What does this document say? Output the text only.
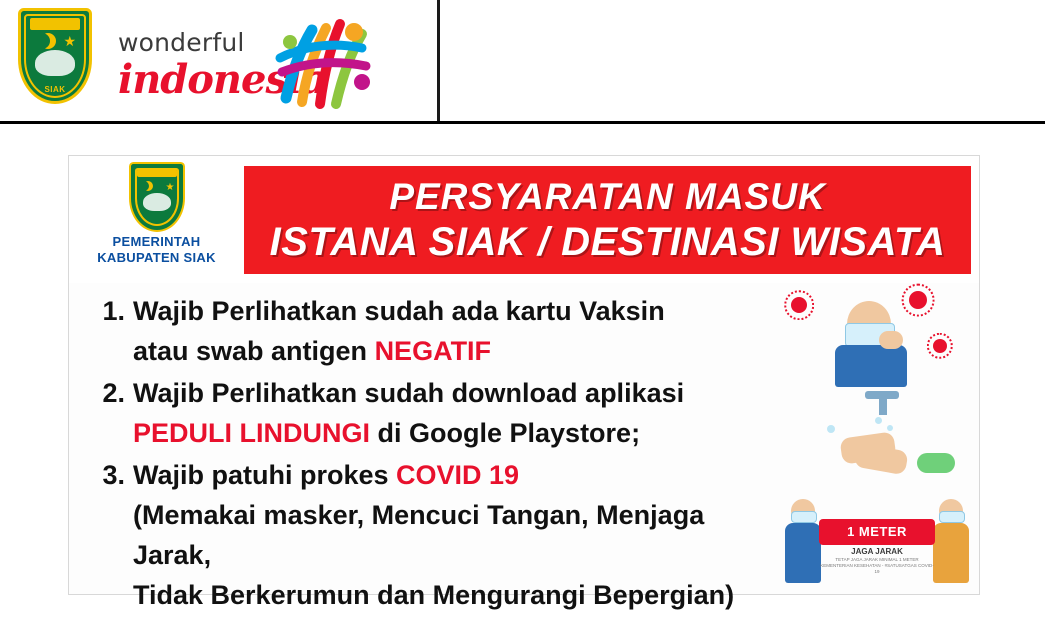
★
SIAK
wonderful
indonesia
★
PEMERINTAH
KABUPATEN SIAK
PERSYARATAN MASUK
ISTANA SIAK / DESTINASI WISATA
1. Wajib Perlihatkan sudah ada kartu Vaksin
atau swab antigen NEGATIF
2. Wajib Perlihatkan sudah download aplikasi
PEDULI LINDUNGI di Google Playstore;
3. Wajib patuhi prokes COVID 19
(Memakai masker, Mencuci Tangan, Menjaga Jarak,
Tidak Berkerumun dan Mengurangi Bepergian)
1 METER
JAGA JARAK
TETAP JAGA JARAK MINIMAL 1 METER
KEMENTERIAN KESEHATAN - #SATUSATGAS COVID-19
